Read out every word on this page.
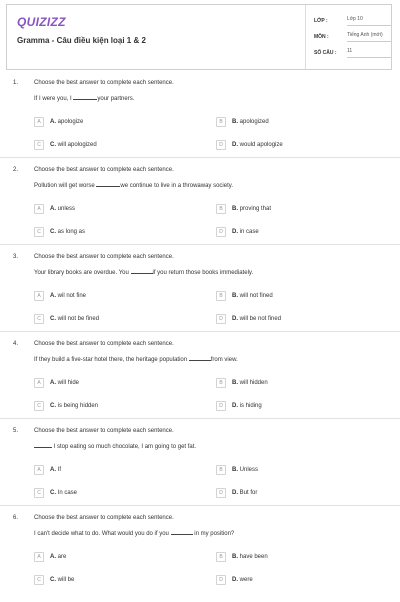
QUIZIZZ
Gramma - Câu điều kiện loại 1 & 2
LỚP :	Lớp 10
MÔN :	Tiếng Anh (mới)
SỐ CÂU : 11
1.	Choose the best answer to complete each sentence.
If I were you, I	your partners.
A	A. apologize	B	B. apologized
C	C. will apologized	D	D. would apologize
2.	Choose the best answer to complete each sentence.
Pollution will get worse	we continue to live in a throwaway society.
A	A. unless	B	B. proving that
C	C. as long as	D	D. in case
3.	Choose the best answer to complete each sentence.
Your library books are overdue. You	if you return those books immediately.
A	A. wil not fine	B	B. will not fined
C	C. will not be fined	D	D. will be not fined
4.	Choose the best answer to complete each sentence.
If they build a five-star hotel there, the heritage population	from view.
A	A. will hide	B	B. will hidden
C	C. is being hidden	D	D. is hiding
5.	Choose the best answer to complete each sentence.
I stop eating so much chocolate, I am going to get fat.
A	A. If	B	B. Unless
C	C. In case	D	D. But for
6.	Choose the best answer to complete each sentence.
I can't decide what to do. What would you do if you	in my position?
A	A. are	B	B. have been
C	C. will be	D	D. were
